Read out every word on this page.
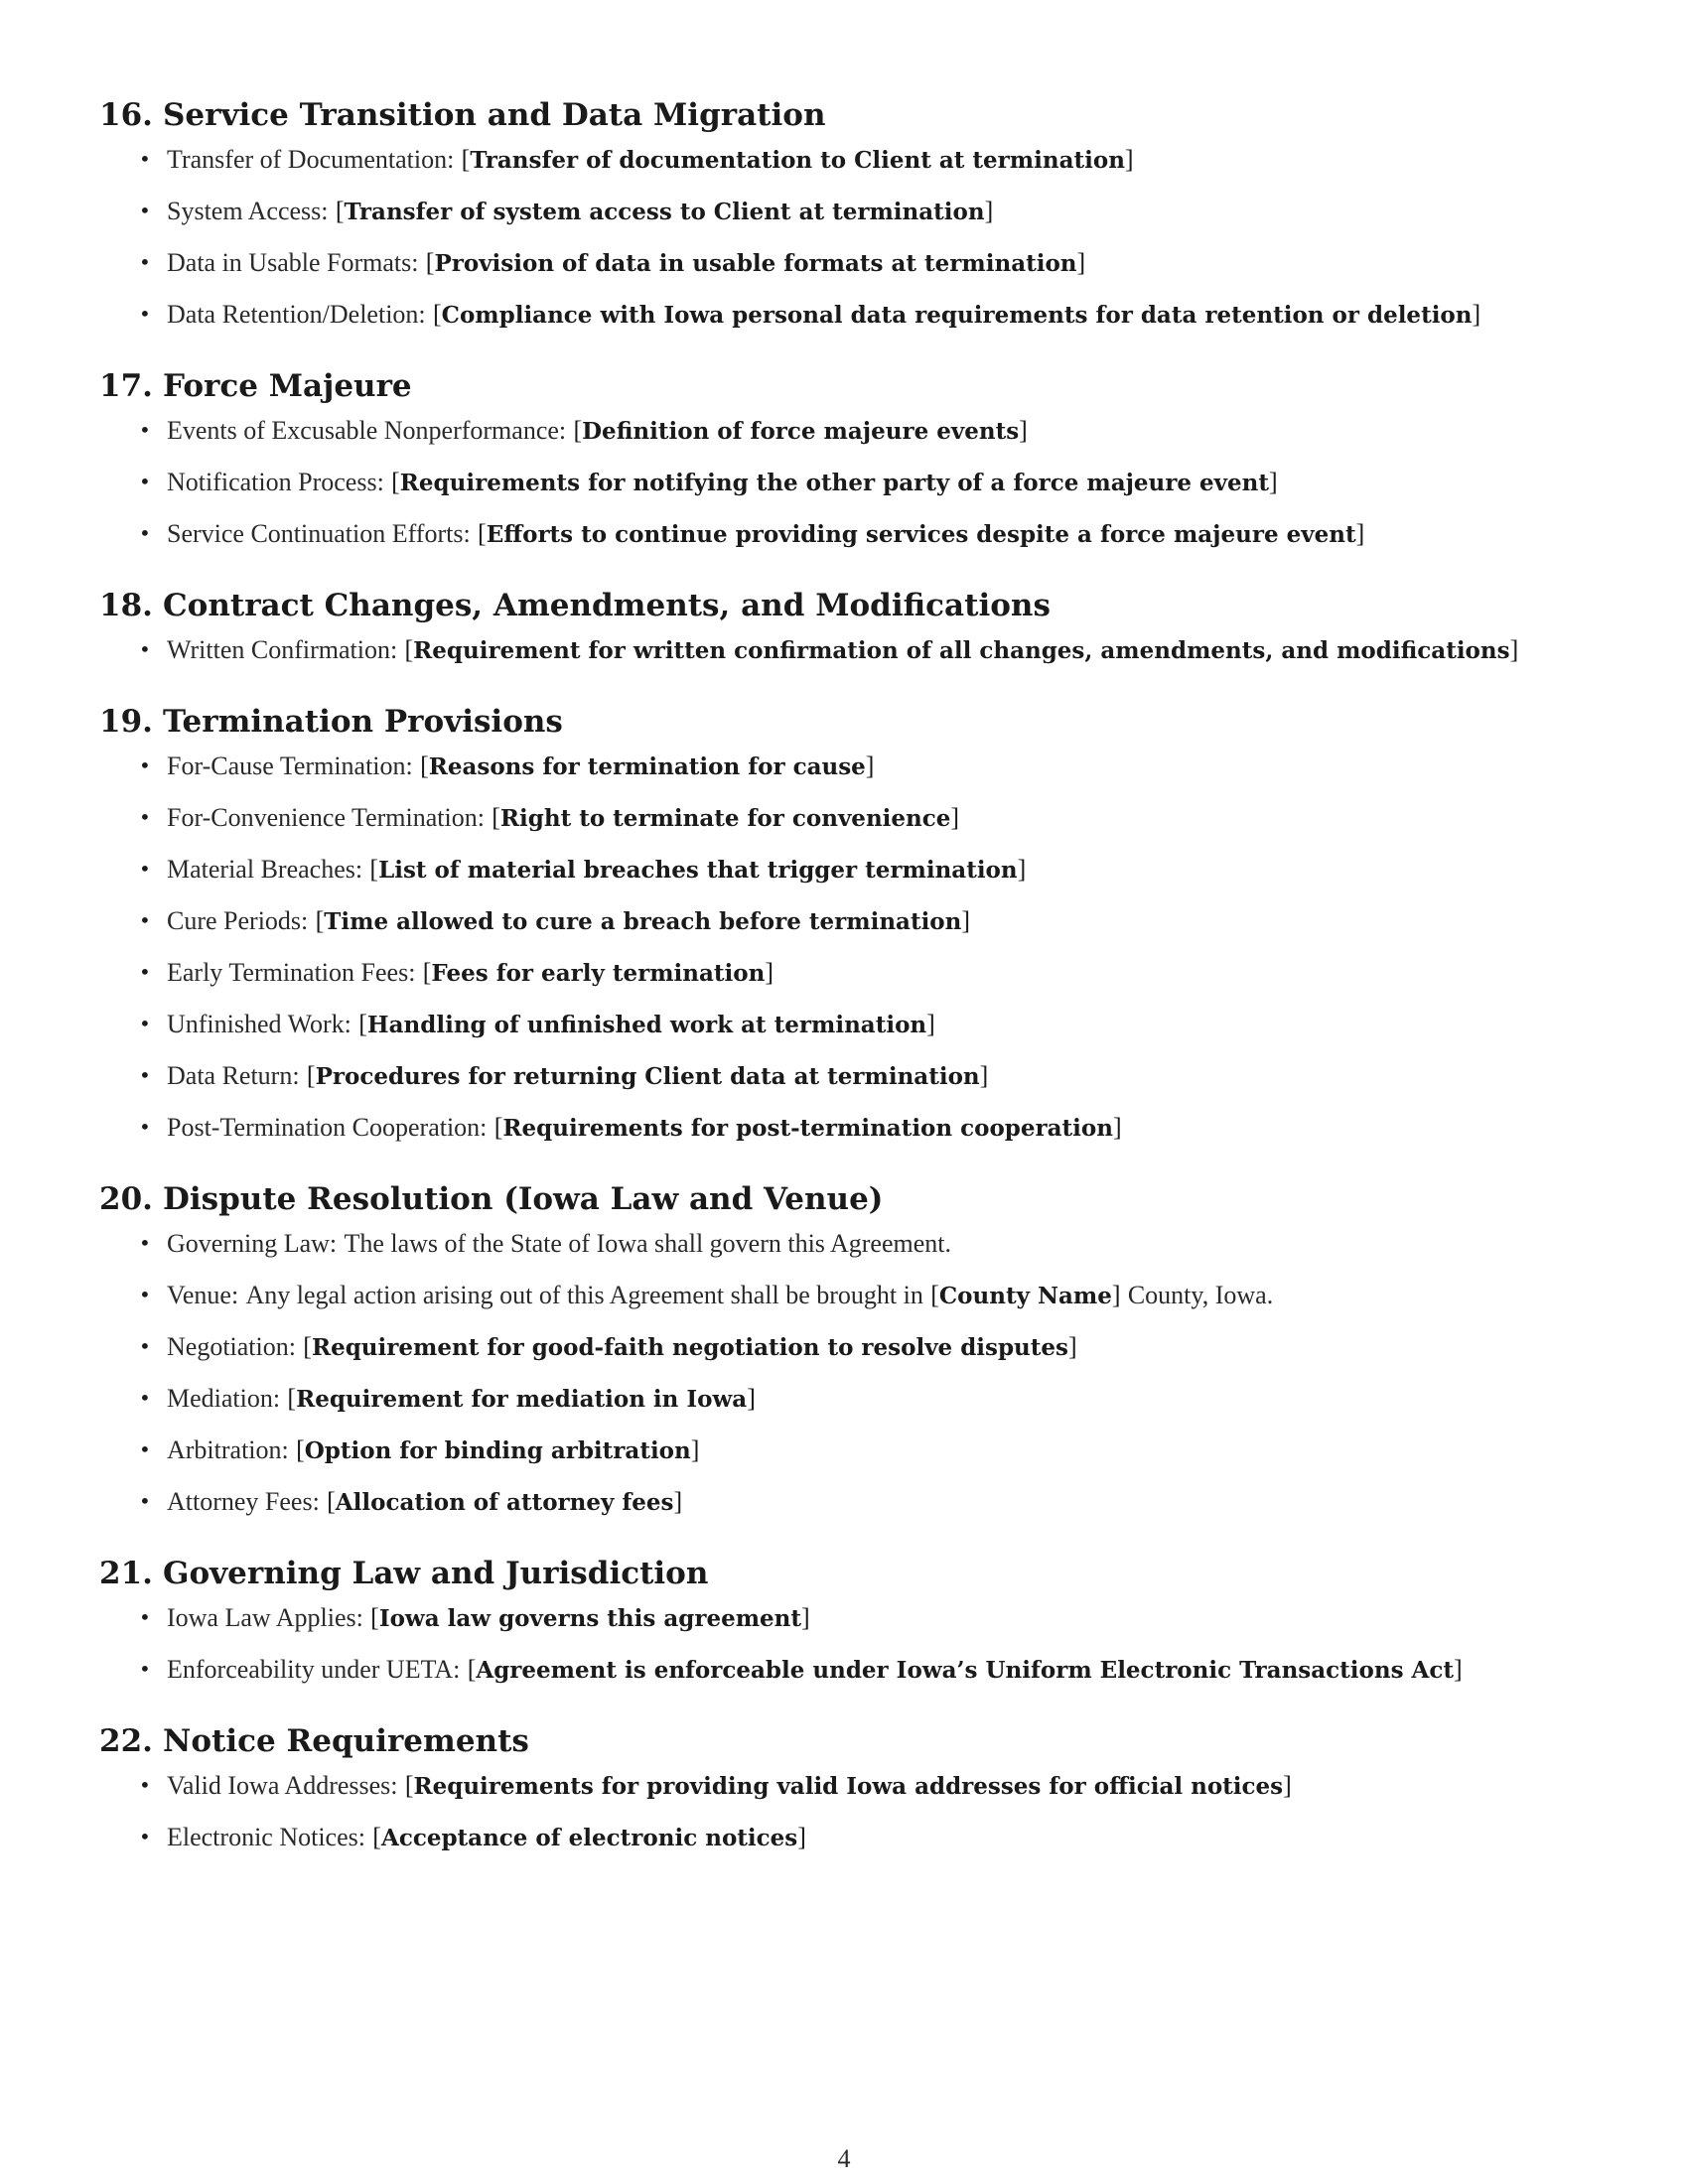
16. Service Transition and Data Migration
• Transfer of Documentation: [Transfer of documentation to Client at termination]
• System Access: [Transfer of system access to Client at termination]
• Data in Usable Formats: [Provision of data in usable formats at termination]
• Data Retention/Deletion: [Compliance with Iowa personal data requirements for data retention or deletion]
17. Force Majeure
• Events of Excusable Nonperformance: [Definition of force majeure events]
• Notification Process: [Requirements for notifying the other party of a force majeure event]
• Service Continuation Efforts: [Efforts to continue providing services despite a force majeure event]
18. Contract Changes, Amendments, and Modifications
• Written Confirmation: [Requirement for written confirmation of all changes, amendments, and modifications]
19. Termination Provisions
• For-Cause Termination: [Reasons for termination for cause]
• For-Convenience Termination: [Right to terminate for convenience]
• Material Breaches: [List of material breaches that trigger termination]
• Cure Periods: [Time allowed to cure a breach before termination]
• Early Termination Fees: [Fees for early termination]
• Unfinished Work: [Handling of unfinished work at termination]
• Data Return: [Procedures for returning Client data at termination]
• Post-Termination Cooperation: [Requirements for post-termination cooperation]
20. Dispute Resolution (Iowa Law and Venue)
• Governing Law: The laws of the State of Iowa shall govern this Agreement.
• Venue: Any legal action arising out of this Agreement shall be brought in [County Name] County, Iowa.
• Negotiation: [Requirement for good-faith negotiation to resolve disputes]
• Mediation: [Requirement for mediation in Iowa]
• Arbitration: [Option for binding arbitration]
• Attorney Fees: [Allocation of attorney fees]
21. Governing Law and Jurisdiction
• Iowa Law Applies: [Iowa law governs this agreement]
• Enforceability under UETA: [Agreement is enforceable under Iowa’s Uniform Electronic Transactions Act]
22. Notice Requirements
• Valid Iowa Addresses: [Requirements for providing valid Iowa addresses for official notices]
• Electronic Notices: [Acceptance of electronic notices]
4
